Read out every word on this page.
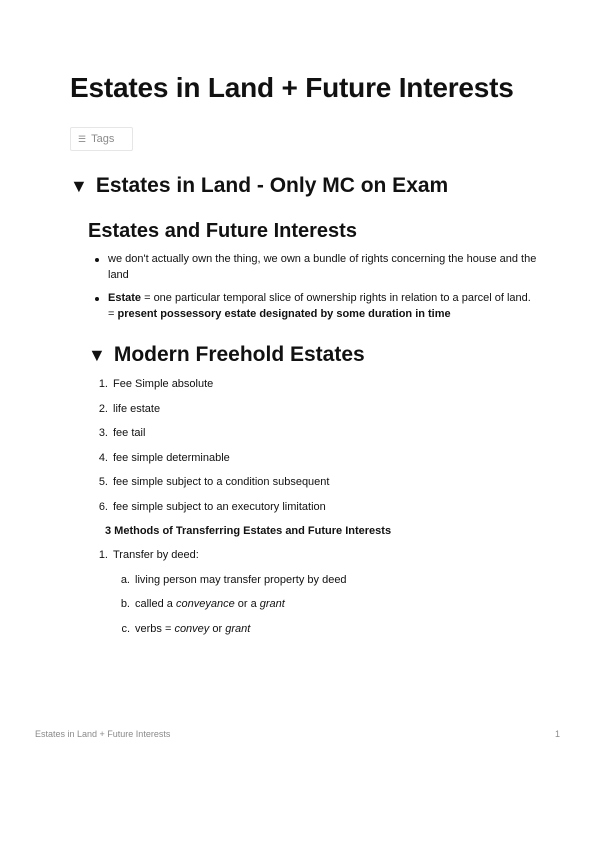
Estates in Land + Future Interests
☰ Tags
▼ Estates in Land - Only MC on Exam
Estates and Future Interests
we don't actually own the thing, we own a bundle of rights concerning the house and the land
Estate = one particular temporal slice of ownership rights in relation to a parcel of land. = present possessory estate designated by some duration in time
▼ Modern Freehold Estates
1. Fee Simple absolute
2. life estate
3. fee tail
4. fee simple determinable
5. fee simple subject to a condition subsequent
6. fee simple subject to an executory limitation
3 Methods of Transferring Estates and Future Interests
1. Transfer by deed:
a. living person may transfer property by deed
b. called a conveyance or a grant
c. verbs = convey or grant
Estates in Land + Future Interests	1
